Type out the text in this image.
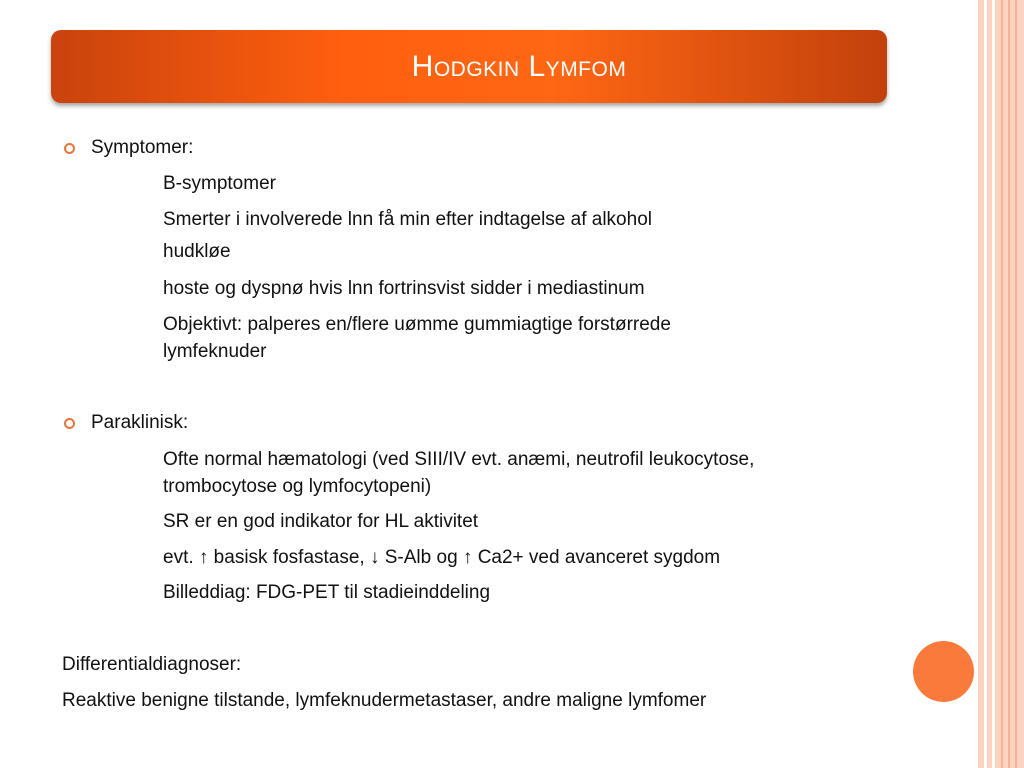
Hodgkin Lymfom
Symptomer:
B-symptomer
Smerter i involverede lnn få min efter indtagelse af alkohol
hudkløe
hoste og dyspnø hvis lnn fortrinsvist sidder i mediastinum
Objektivt: palperes en/flere uømme gummiagtige forstørrede
lymfeknuder
Paraklinisk:
Ofte normal hæmatologi (ved SIII/IV evt. anæmi, neutrofil leukocytose,
trombocytose og lymfocytopeni)
SR er en god indikator for HL aktivitet
evt. ↑ basisk fosfastase, ↓ S-Alb og ↑ Ca2+ ved avanceret sygdom
Billeddiag: FDG-PET til stadieinddeling
Differentialdiagnoser:
Reaktive benigne tilstande, lymfeknudermetastaser, andre maligne lymfomer
